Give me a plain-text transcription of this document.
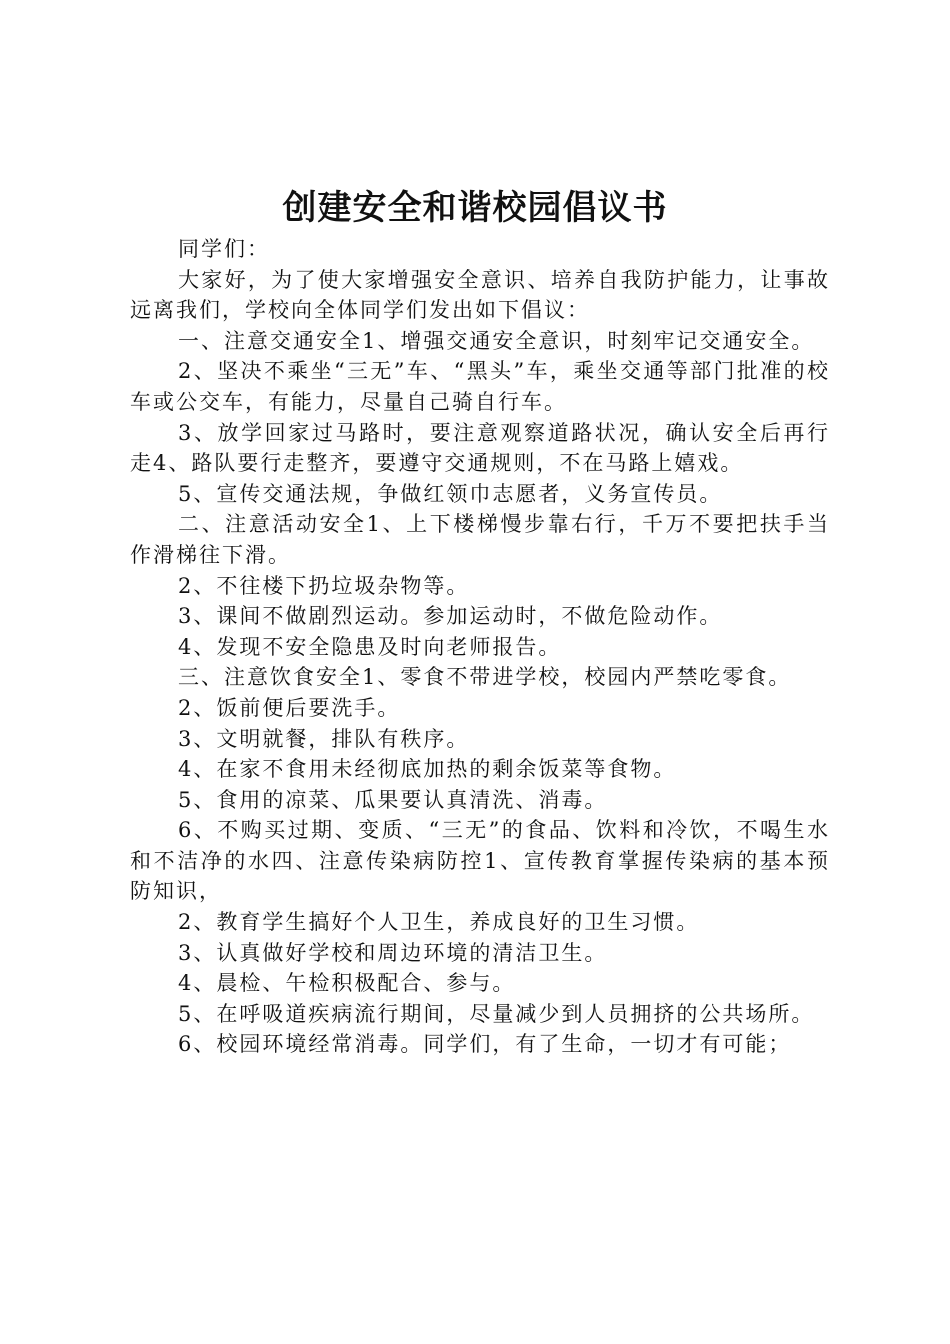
创建安全和谐校园倡议书

同学们：

大家好，为了使大家增强安全意识、培养自我防护能力，让事故远离我们，学校向全体同学们发出如下倡议：

一、注意交通安全1、增强交通安全意识，时刻牢记交通安全。

2、坚决不乘坐“三无”车、“黑头”车，乘坐交通等部门批准的校车或公交车，有能力，尽量自己骑自行车。

3、放学回家过马路时，要注意观察道路状况，确认安全后再行走4、路队要行走整齐，要遵守交通规则，不在马路上嬉戏。

5、宣传交通法规，争做红领巾志愿者，义务宣传员。

二、注意活动安全1、上下楼梯慢步靠右行，千万不要把扶手当作滑梯往下滑。

2、不往楼下扔垃圾杂物等。

3、课间不做剧烈运动。参加运动时，不做危险动作。

4、发现不安全隐患及时向老师报告。

三、注意饮食安全1、零食不带进学校，校园内严禁吃零食。

2、饭前便后要洗手。

3、文明就餐，排队有秩序。

4、在家不食用未经彻底加热的剩余饭菜等食物。

5、食用的凉菜、瓜果要认真清洗、消毒。

6、不购买过期、变质、“三无”的食品、饮料和冷饮，不喝生水和不洁净的水四、注意传染病防控1、宣传教育掌握传染病的基本预防知识，

2、教育学生搞好个人卫生，养成良好的卫生习惯。

3、认真做好学校和周边环境的清洁卫生。

4、晨检、午检积极配合、参与。

5、在呼吸道疾病流行期间，尽量减少到人员拥挤的公共场所。

6、校园环境经常消毒。同学们，有了生命，一切才有可能；
